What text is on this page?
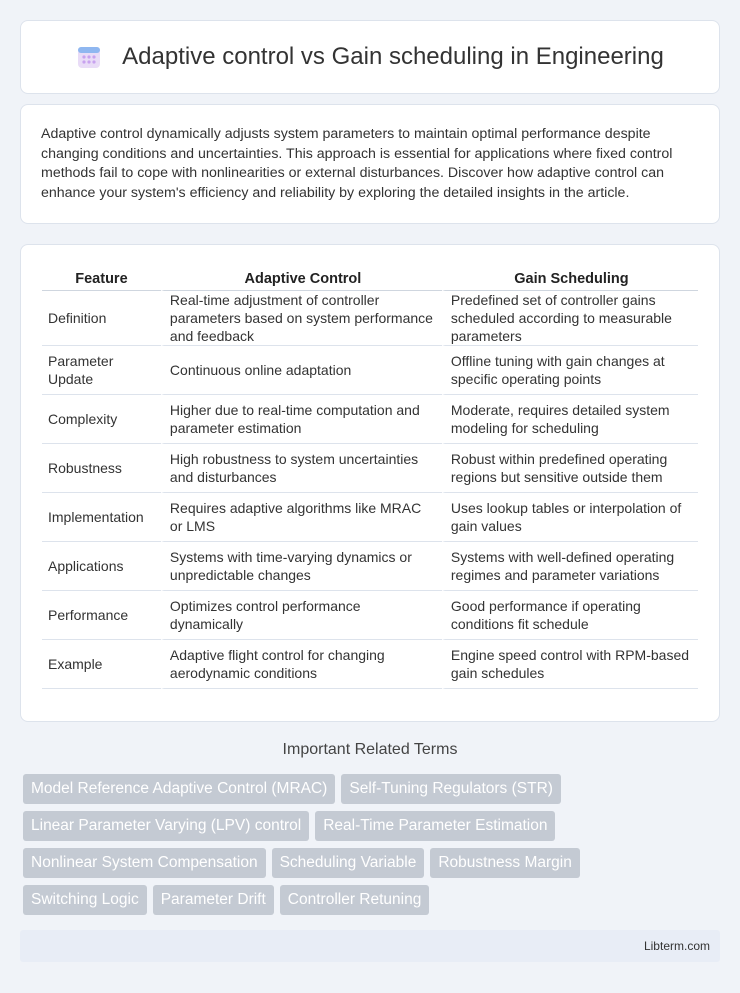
Adaptive control vs Gain scheduling in Engineering

Adaptive control dynamically adjusts system parameters to maintain optimal performance despite changing conditions and uncertainties. This approach is essential for applications where fixed control methods fail to cope with nonlinearities or external disturbances. Discover how adaptive control can enhance your system's efficiency and reliability by exploring the detailed insights in the article.

Feature	Adaptive Control	Gain Scheduling
Definition	Real-time adjustment of controller parameters based on system performance and feedback	Predefined set of controller gains scheduled according to measurable parameters
Parameter Update	Continuous online adaptation	Offline tuning with gain changes at specific operating points
Complexity	Higher due to real-time computation and parameter estimation	Moderate, requires detailed system modeling for scheduling
Robustness	High robustness to system uncertainties and disturbances	Robust within predefined operating regions but sensitive outside them
Implementation	Requires adaptive algorithms like MRAC or LMS	Uses lookup tables or interpolation of gain values
Applications	Systems with time-varying dynamics or unpredictable changes	Systems with well-defined operating regimes and parameter variations
Performance	Optimizes control performance dynamically	Good performance if operating conditions fit schedule
Example	Adaptive flight control for changing aerodynamic conditions	Engine speed control with RPM-based gain schedules
Important Related Terms
Model Reference Adaptive Control (MRAC)	Self-Tuning Regulators (STR)
Linear Parameter Varying (LPV) control	Real-Time Parameter Estimation
Nonlinear System Compensation	Scheduling Variable	Robustness Margin
Switching Logic	Parameter Drift	Controller Retuning
Libterm.com
